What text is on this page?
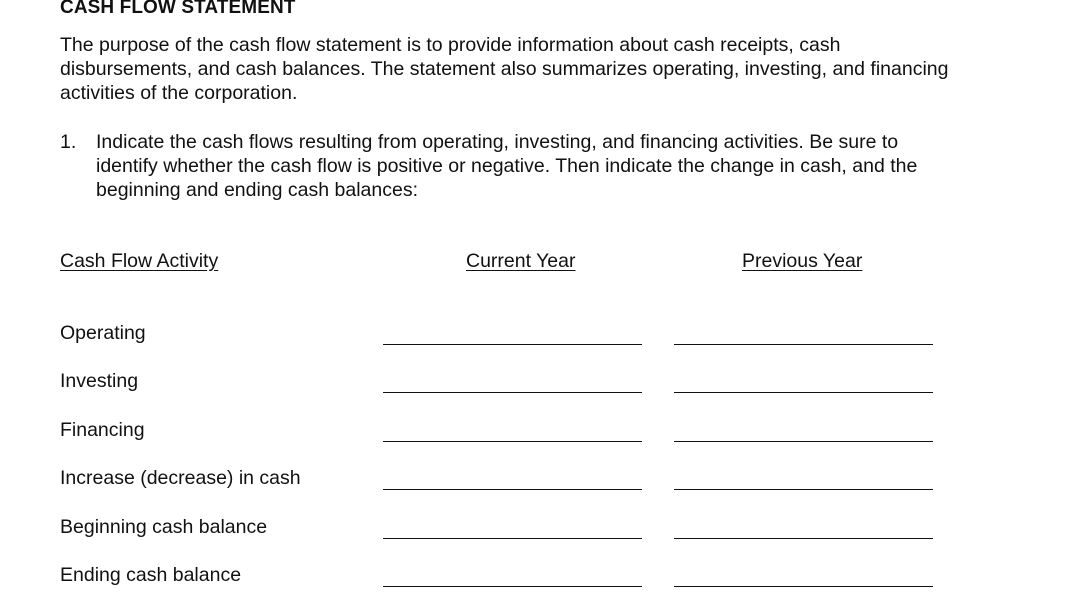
CASH FLOW STATEMENT
The purpose of the cash flow statement is to provide information about cash receipts, cash
disbursements, and cash balances. The statement also summarizes operating, investing, and financing
activities of the corporation.
1. Indicate the cash flows resulting from operating, investing, and financing activities. Be sure to
identify whether the cash flow is positive or negative. Then indicate the change in cash, and the
beginning and ending cash balances:
Cash Flow Activity	Current Year	Previous Year
Operating
Investing
Financing
Increase (decrease) in cash
Beginning cash balance
Ending cash balance
